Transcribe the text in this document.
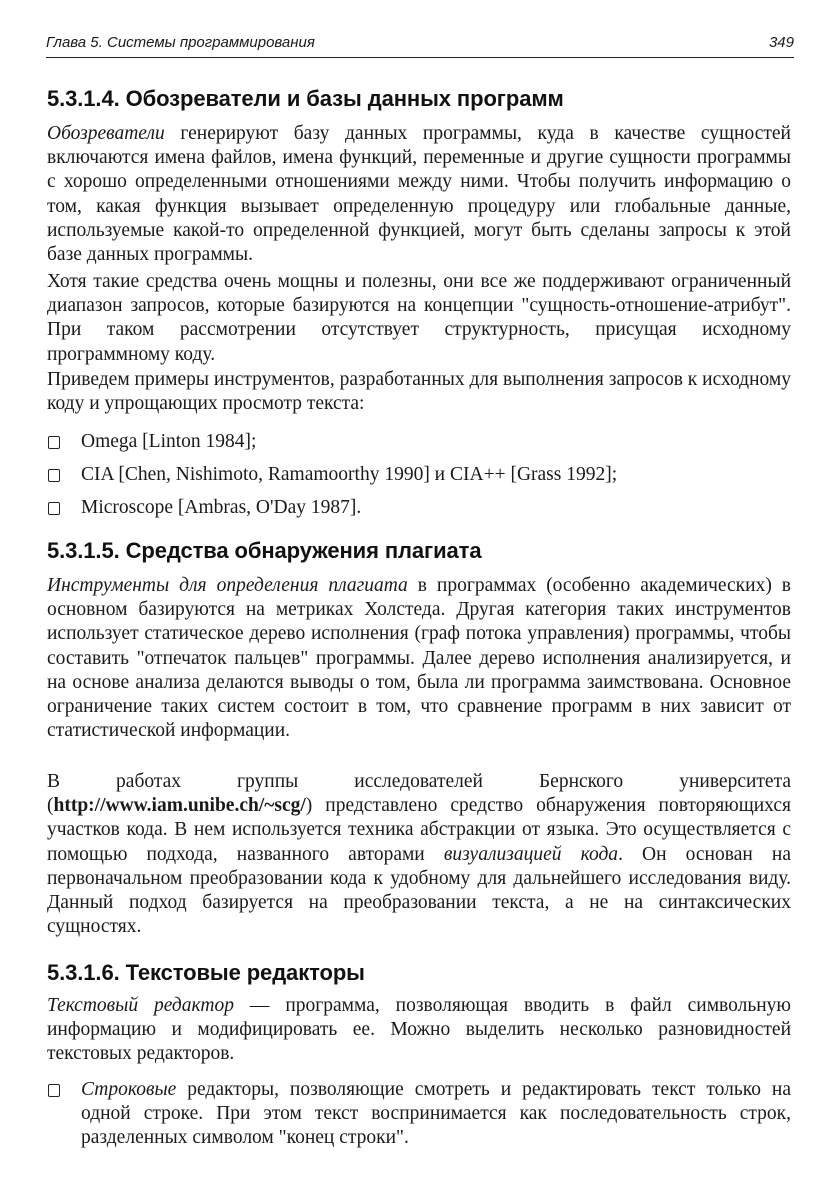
Глава 5. Системы программирования	349
5.3.1.4. Обозреватели и базы данных программ

Обозреватели генерируют базу данных программы, куда в качестве сущностей включаются имена файлов, имена функций, переменные и другие сущности программы с хорошо определенными отношениями между ними. Чтобы получить информацию о том, какая функция вызывает определенную процедуру или глобальные данные, используемые какой-то определенной функцией, могут быть сделаны запросы к этой базе данных программы.

Хотя такие средства очень мощны и полезны, они все же поддерживают ограниченный диапазон запросов, которые базируются на концепции "сущность-отношение-атрибут". При таком рассмотрении отсутствует структурность, присущая исходному программному коду.

Приведем примеры инструментов, разработанных для выполнения запросов к исходному коду и упрощающих просмотр текста:

Omega [Linton 1984];
CIA [Chen, Nishimoto, Ramamoorthy 1990] и CIA++ [Grass 1992];
Microscope [Ambras, O'Day 1987].
5.3.1.5. Средства обнаружения плагиата

Инструменты для определения плагиата в программах (особенно академических) в основном базируются на метриках Холстеда. Другая категория таких инструментов использует статическое дерево исполнения (граф потока управления) программы, чтобы составить "отпечаток пальцев" программы. Далее дерево исполнения анализируется, и на основе анализа делаются выводы о том, была ли программа заимствована. Основное ограничение таких систем состоит в том, что сравнение программ в них зависит от статистической информации.

В работах группы исследователей Бернского университета (http://www.iam.unibe.ch/~scg/) представлено средство обнаружения повторяющихся участков кода. В нем используется техника абстракции от языка. Это осуществляется с помощью подхода, названного авторами визуализацией кода. Он основан на первоначальном преобразовании кода к удобному для дальнейшего исследования виду. Данный подход базируется на преобразовании текста, а не на синтаксических сущностях.

5.3.1.6. Текстовые редакторы

Текстовый редактор — программа, позволяющая вводить в файл символьную информацию и модифицировать ее. Можно выделить несколько разновидностей текстовых редакторов.

Строковые редакторы, позволяющие смотреть и редактировать текст только на одной строке. При этом текст воспринимается как последовательность строк, разделенных символом "конец строки".
